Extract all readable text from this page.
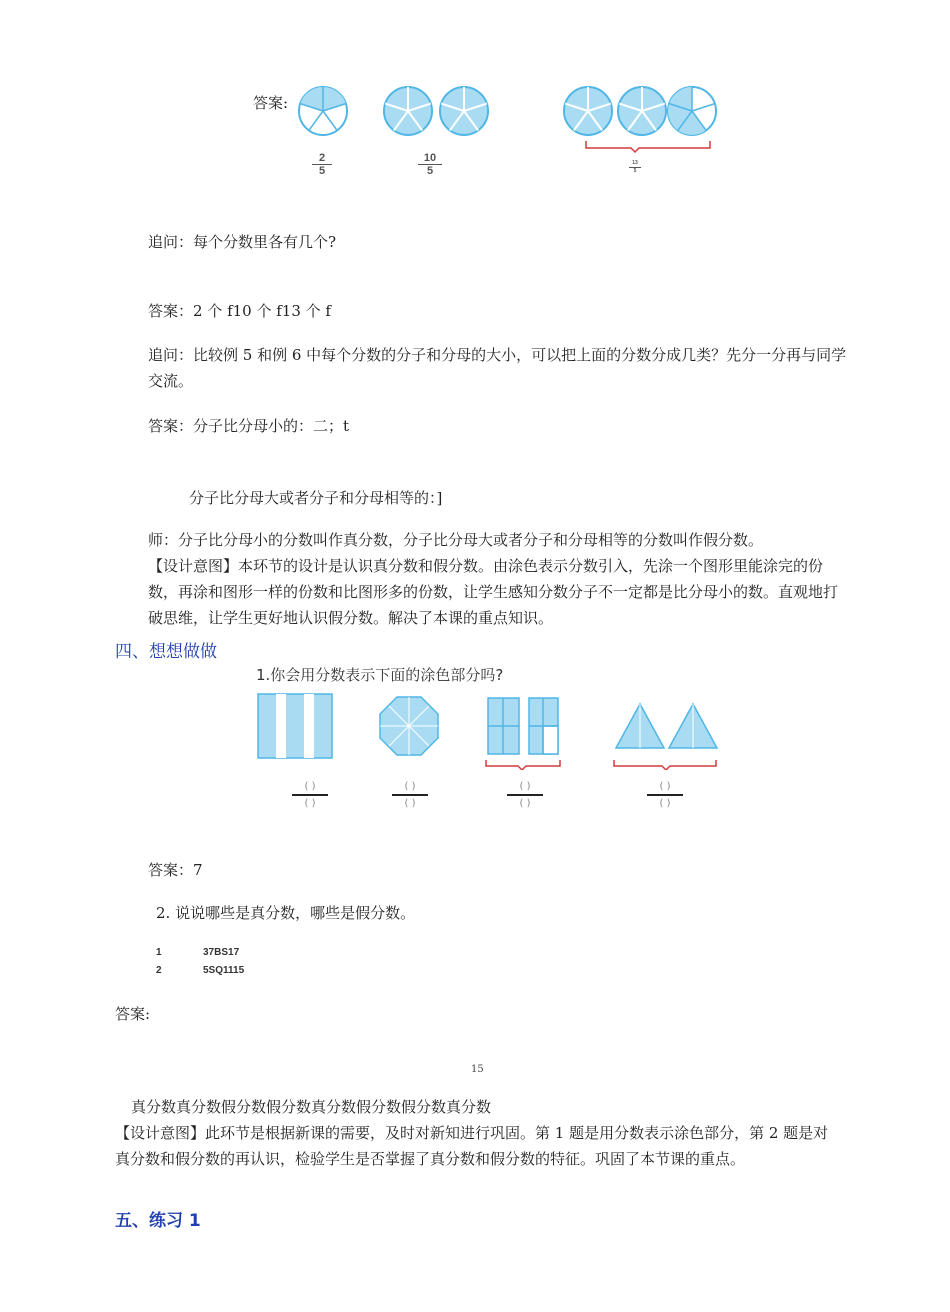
答案:
$\frac{2}{5}$	$\frac{10}{5}$	$\frac{13}{5}$
追问：每个分数里各有几个?
答案：2 个 f10 个 f13 个 f
追问：比较例 5 和例 6 中每个分数的分子和分母的大小，可以把上面的分数分成几类？先分一分再与同学交流。
答案：分子比分母小的：二；t
分子比分母大或者分子和分母相等的：]
师：分子比分母小的分数叫作真分数，分子比分母大或者分子和分母相等的分数叫作假分数。
【设计意图】本环节的设计是认识真分数和假分数。由涂色表示分数引入，先涂一个图形里能涂完的份数，再涂和图形一样的份数和比图形多的份数，让学生感知分数分子不一定都是比分母小的数。直观地打破思维，让学生更好地认识假分数。解决了本课的重点知识。
四、想想做做
1.你会用分数表示下面的涂色部分吗?
( )
( )
( )
( )
( )
( )
( )
( )
答案：7
2. 说说哪些是真分数，哪些是假分数。
1	37BS17
2	5SQ1115
答案:
15
真分数真分数假分数假分数真分数假分数假分数真分数
【设计意图】此环节是根据新课的需要，及时对新知进行巩固。第 1 题是用分数表示涂色部分，第 2 题是对真分数和假分数的再认识，检验学生是否掌握了真分数和假分数的特征。巩固了本节课的重点。
五、练习 1
